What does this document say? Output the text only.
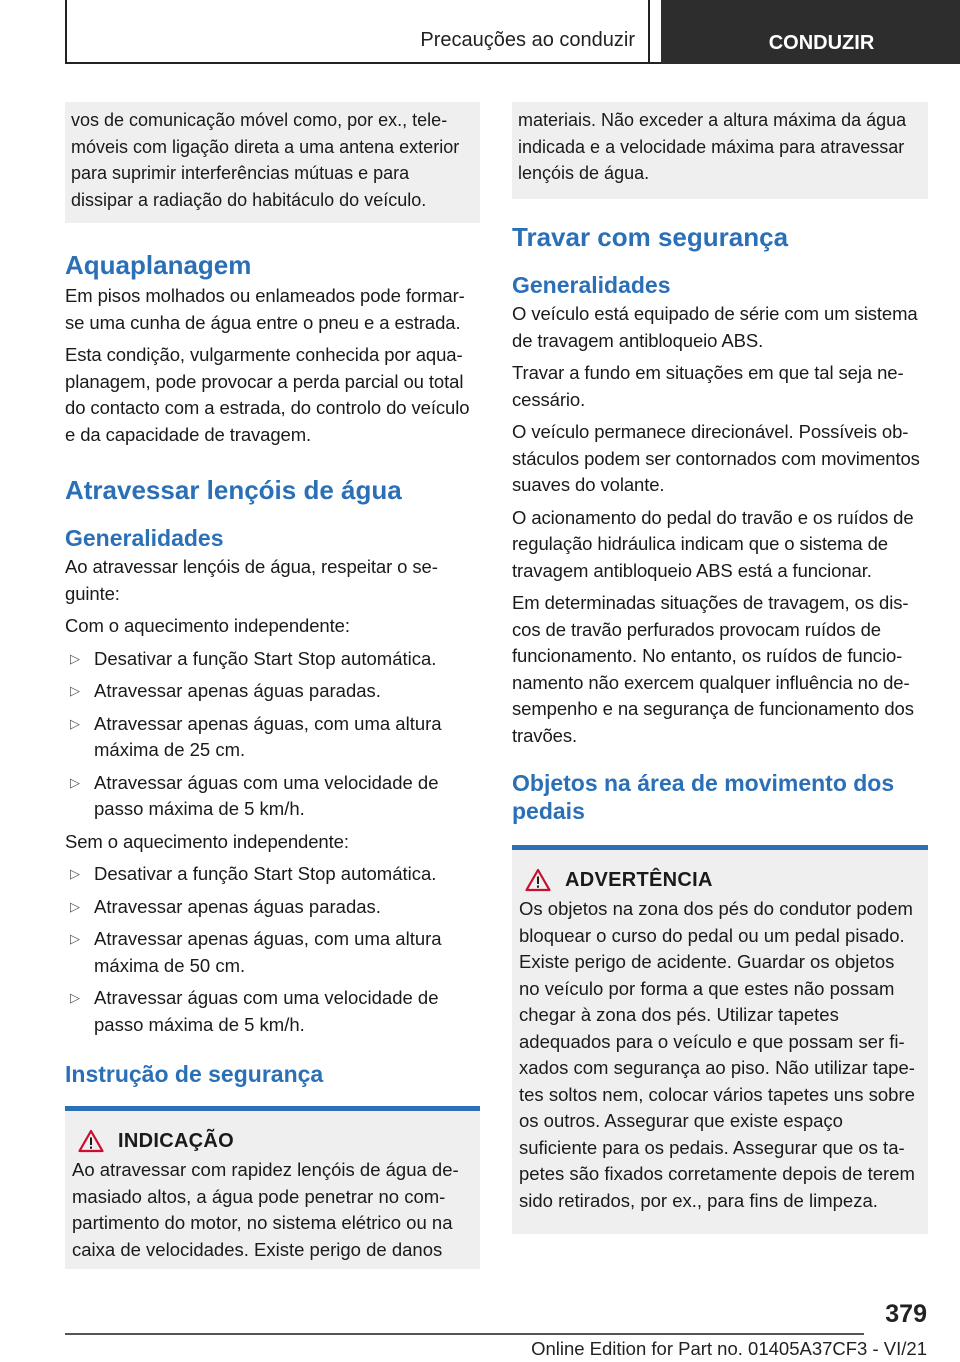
Precauções ao conduzir	CONDUZIR
vos de comunicação móvel como, por ex., telemóveis com ligação direta a uma antena exterior para suprimir interferências mútuas e para dissipar a radiação do habitáculo do veículo.
Aquaplanagem

Em pisos molhados ou enlameados pode formar-se uma cunha de água entre o pneu e a estrada.

Esta condição, vulgarmente conhecida por aquaplanagem, pode provocar a perda parcial ou total do contacto com a estrada, do controlo do veículo e da capacidade de travagem.

Atravessar lençóis de água
Generalidades

Ao atravessar lençóis de água, respeitar o seguinte:

Com o aquecimento independente:

▷ Desativar a função Start Stop automática.
▷ Atravessar apenas águas paradas.
▷ Atravessar apenas águas, com uma altura máxima de 25 cm.
▷ Atravessar águas com uma velocidade de passo máxima de 5 km/h.

Sem o aquecimento independente:

▷ Desativar a função Start Stop automática.
▷ Atravessar apenas águas paradas.
▷ Atravessar apenas águas, com uma altura máxima de 50 cm.
▷ Atravessar águas com uma velocidade de passo máxima de 5 km/h.
Instrução de segurança
INDICAÇÃO
Ao atravessar com rapidez lençóis de água demasiado altos, a água pode penetrar no compartimento do motor, no sistema elétrico ou na caixa de velocidades. Existe perigo de danos
materiais. Não exceder a altura máxima da água indicada e a velocidade máxima para atravessar lençóis de água.
Travar com segurança
Generalidades

O veículo está equipado de série com um sistema de travagem antibloqueio ABS.

Travar a fundo em situações em que tal seja necessário.

O veículo permanece direcionável. Possíveis obstáculos podem ser contornados com movimentos suaves do volante.

O acionamento do pedal do travão e os ruídos de regulação hidráulica indicam que o sistema de travagem antibloqueio ABS está a funcionar.

Em determinadas situações de travagem, os discos de travão perfurados provocam ruídos de funcionamento. No entanto, os ruídos de funcionamento não exercem qualquer influência no desempenho e na segurança de funcionamento dos travões.

Objetos na área de movimento dos pedais
ADVERTÊNCIA
Os objetos na zona dos pés do condutor podem bloquear o curso do pedal ou um pedal pisado. Existe perigo de acidente. Guardar os objetos no veículo por forma a que estes não possam chegar à zona dos pés. Utilizar tapetes adequados para o veículo e que possam ser fixados com segurança ao piso. Não utilizar tapetes soltos nem, colocar vários tapetes uns sobre os outros. Assegurar que existe espaço suficiente para os pedais. Assegurar que os tapetes são fixados corretamente depois de terem sido retirados, por ex., para fins de limpeza.
379
Online Edition for Part no. 01405A37CF3 - VI/21
